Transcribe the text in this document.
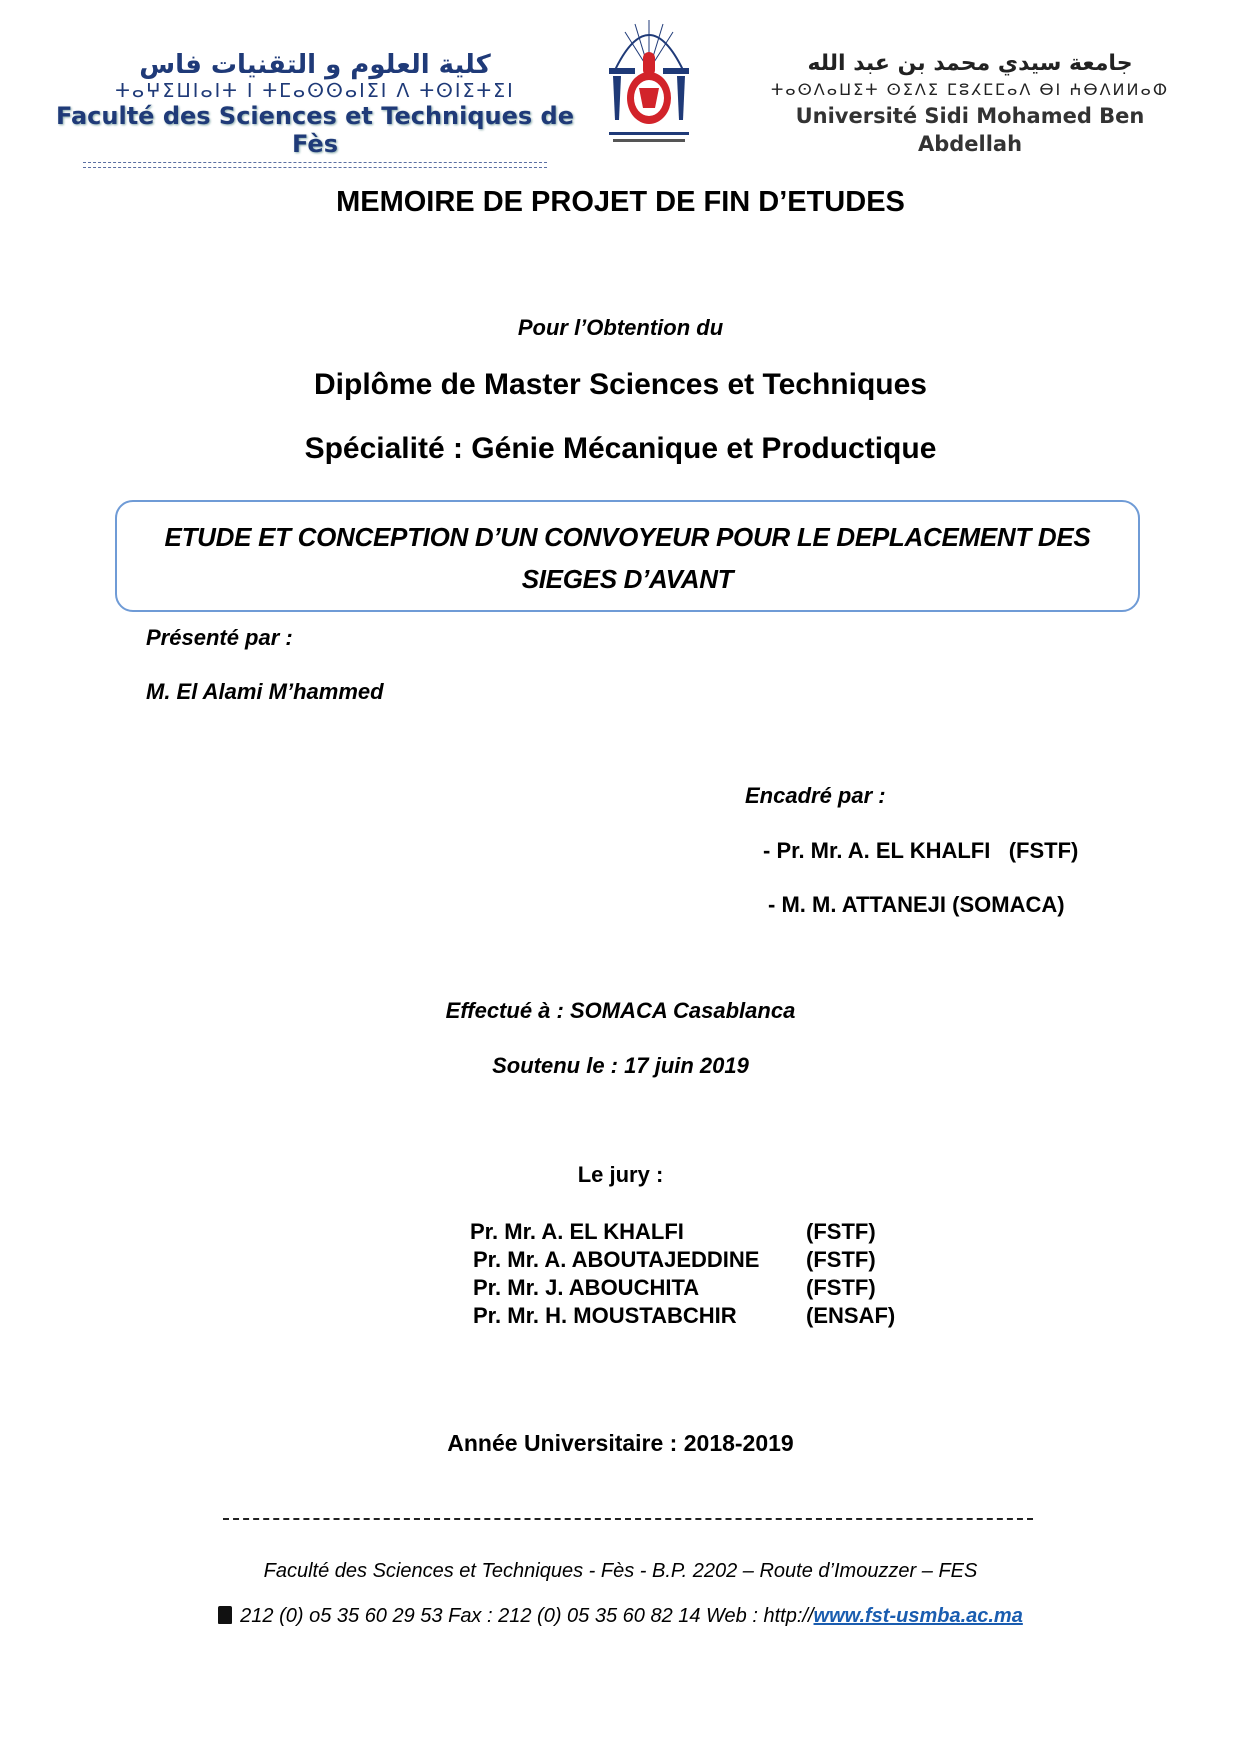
كلية العلوم و التقنيات فاس
ⵜⴰⵖⵉⵡⵏⴰⵏⵜ ⵏ ⵜⵎⴰⵙⵙⴰⵏⵉⵏ ⴷ ⵜⵙⵏⵉⵜⵉⵏ
Faculté des Sciences et Techniques de Fès
جامعة سيدي محمد بن عبد الله
ⵜⴰⵙⴷⴰⵡⵉⵜ ⵙⵉⴷⵉ ⵎⵓⵃⵎⵎⴰⴷ ⴱⵏ ⵄⴱⴷⵍⵍⴰⵀ
Université Sidi Mohamed Ben Abdellah
MEMOIRE DE PROJET DE FIN D’ETUDES
Pour l’Obtention du
Diplôme de Master Sciences et Techniques
Spécialité : Génie Mécanique et Productique
ETUDE ET CONCEPTION D’UN CONVOYEUR POUR LE DEPLACEMENT DES
SIEGES D’AVANT
Présenté par :
M. El Alami M’hammed
Encadré par :
- Pr. Mr. A. EL KHALFI   (FSTF)
- M. M. ATTANEJI (SOMACA)
Effectué à : SOMACA Casablanca
Soutenu le : 17 juin 2019
Le jury :
Pr. Mr. A. EL KHALFI	(FSTF)
Pr. Mr. A. ABOUTAJEDDINE	(FSTF)
Pr. Mr. J. ABOUCHITA	(FSTF)
Pr. Mr. H. MOUSTABCHIR	(ENSAF)
Année Universitaire : 2018-2019
Faculté des Sciences et Techniques - Fès - B.P. 2202 – Route d’Imouzzer – FES
212 (0) o5 35 60 29 53 Fax : 212 (0) 05 35 60 82 14 Web : http://www.fst-usmba.ac.ma
